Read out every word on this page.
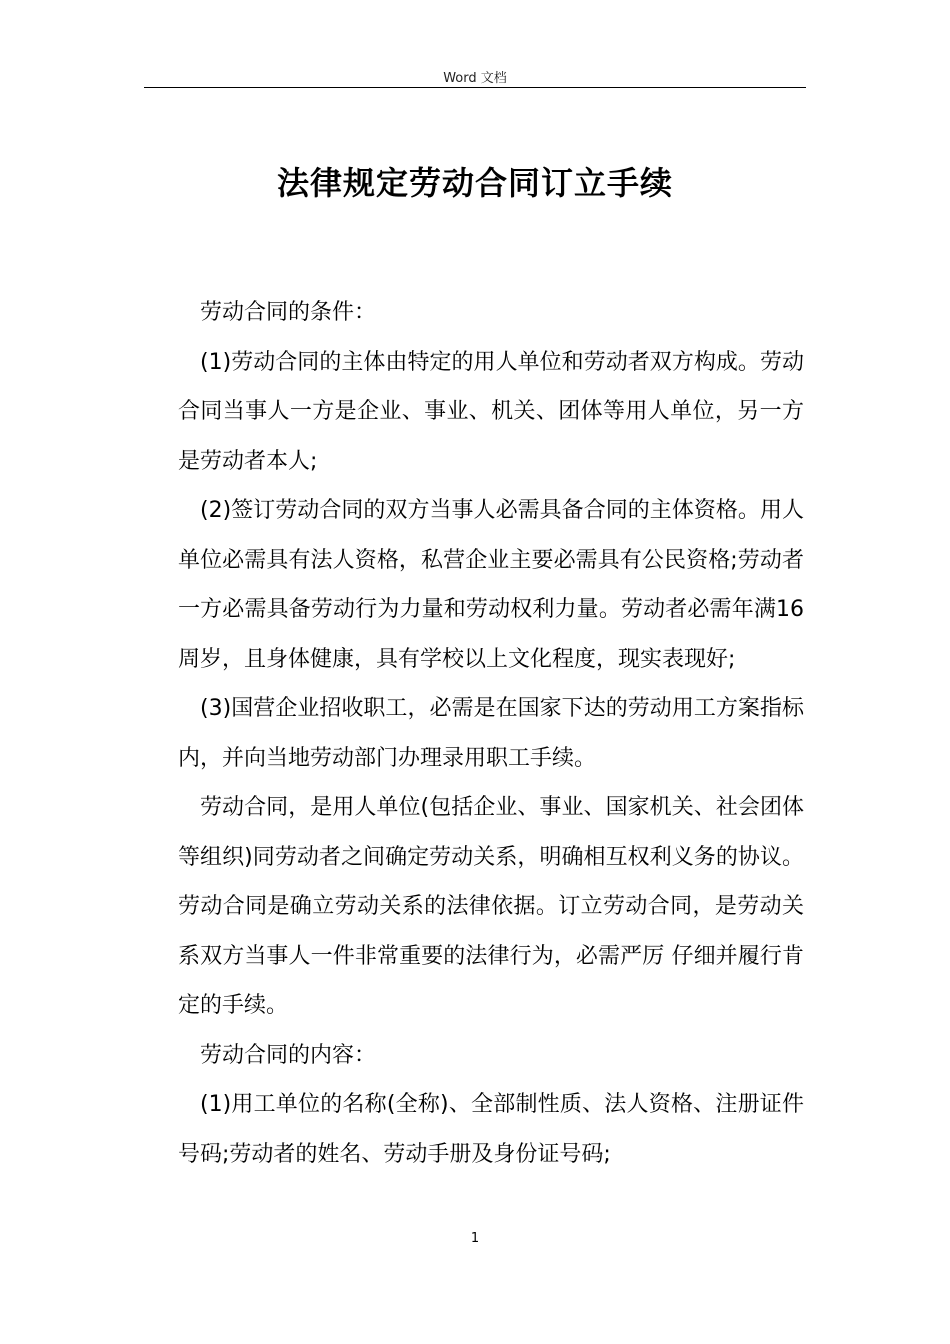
Word 文档
法律规定劳动合同订立手续

劳动合同的条件：

(1)劳动合同的主体由特定的用人单位和劳动者双方构成。劳动合同当事人一方是企业、事业、机关、团体等用人单位，另一方是劳动者本人;

(2)签订劳动合同的双方当事人必需具备合同的主体资格。用人单位必需具有法人资格，私营企业主要必需具有公民资格;劳动者一方必需具备劳动行为力量和劳动权利力量。劳动者必需年满16周岁，且身体健康，具有学校以上文化程度，现实表现好;

(3)国营企业招收职工，必需是在国家下达的劳动用工方案指标内，并向当地劳动部门办理录用职工手续。

劳动合同，是用人单位(包括企业、事业、国家机关、社会团体等组织)同劳动者之间确定劳动关系，明确相互权利义务的协议。劳动合同是确立劳动关系的法律依据。订立劳动合同，是劳动关系双方当事人一件非常重要的法律行为，必需严厉 仔细并履行肯定的手续。

劳动合同的内容：

(1)用工单位的名称(全称)、全部制性质、法人资格、注册证件号码;劳动者的姓名、劳动手册及身份证号码;

1
